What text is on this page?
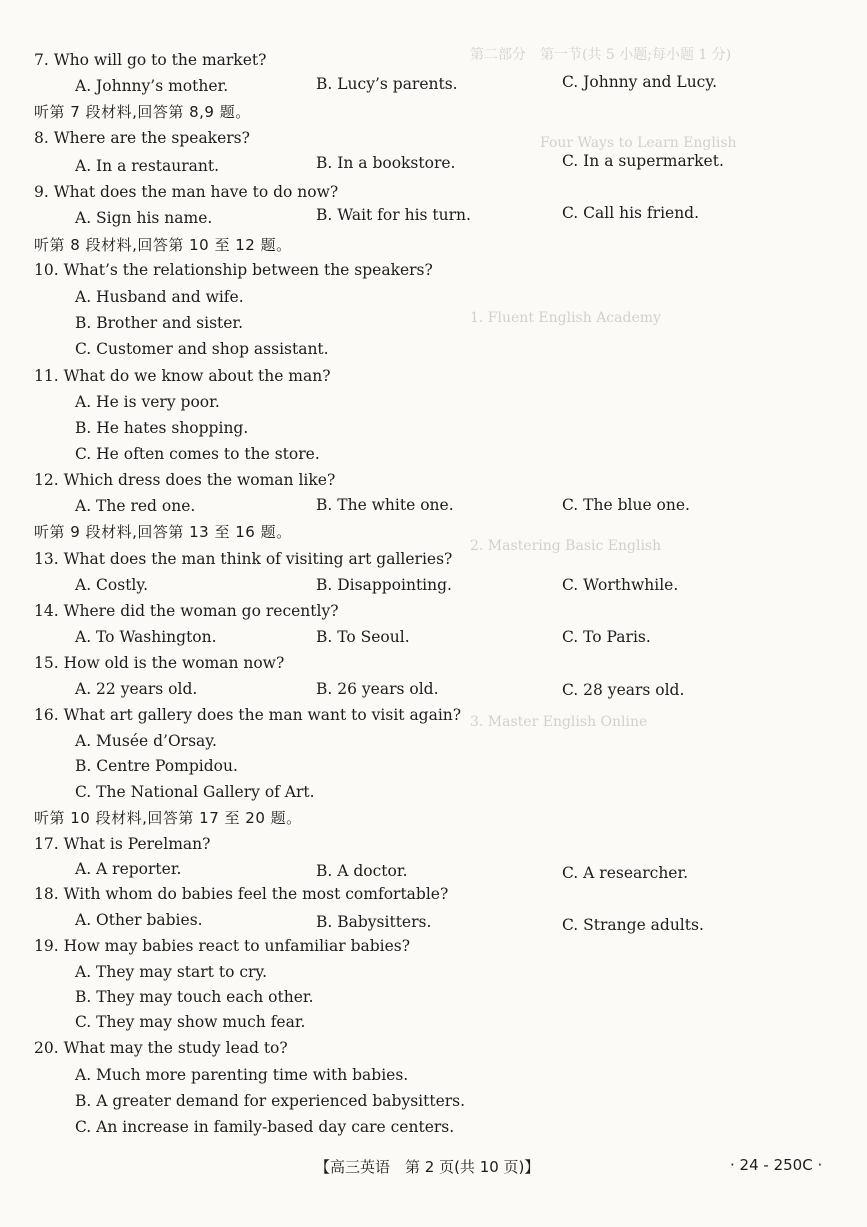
第二部分　第一节(共 5 小题;每小题 1 分)
　　　　　Four Ways to Learn English
1. Fluent English Academy
2. Mastering Basic English
3. Master English Online
7. Who will go to the market?
A. Johnny’s mother.	B. Lucy’s parents.	C. Johnny and Lucy.
听第 7 段材料,回答第 8,9 题。
8. Where are the speakers?
A. In a restaurant.	B. In a bookstore.	C. In a supermarket.
9. What does the man have to do now?
A. Sign his name.	B. Wait for his turn.	C. Call his friend.
听第 8 段材料,回答第 10 至 12 题。
10. What’s the relationship between the speakers?
A. Husband and wife.
B. Brother and sister.
C. Customer and shop assistant.
11. What do we know about the man?
A. He is very poor.
B. He hates shopping.
C. He often comes to the store.
12. Which dress does the woman like?
A. The red one.	B. The white one.	C. The blue one.
听第 9 段材料,回答第 13 至 16 题。
13. What does the man think of visiting art galleries?
A. Costly.	B. Disappointing.	C. Worthwhile.
14. Where did the woman go recently?
A. To Washington.	B. To Seoul.	C. To Paris.
15. How old is the woman now?
A. 22 years old.	B. 26 years old.	C. 28 years old.
16. What art gallery does the man want to visit again?
A. Musée d’Orsay.
B. Centre Pompidou.
C. The National Gallery of Art.
听第 10 段材料,回答第 17 至 20 题。
17. What is Perelman?
A. A reporter.	B. A doctor.	C. A researcher.
18. With whom do babies feel the most comfortable?
A. Other babies.	B. Babysitters.	C. Strange adults.
19. How may babies react to unfamiliar babies?
A. They may start to cry.
B. They may touch each other.
C. They may show much fear.
20. What may the study lead to?
A. Much more parenting time with babies.
B. A greater demand for experienced babysitters.
C. An increase in family-based day care centers.
【高三英语　第 2 页(共 10 页)】	· 24 - 250C ·
